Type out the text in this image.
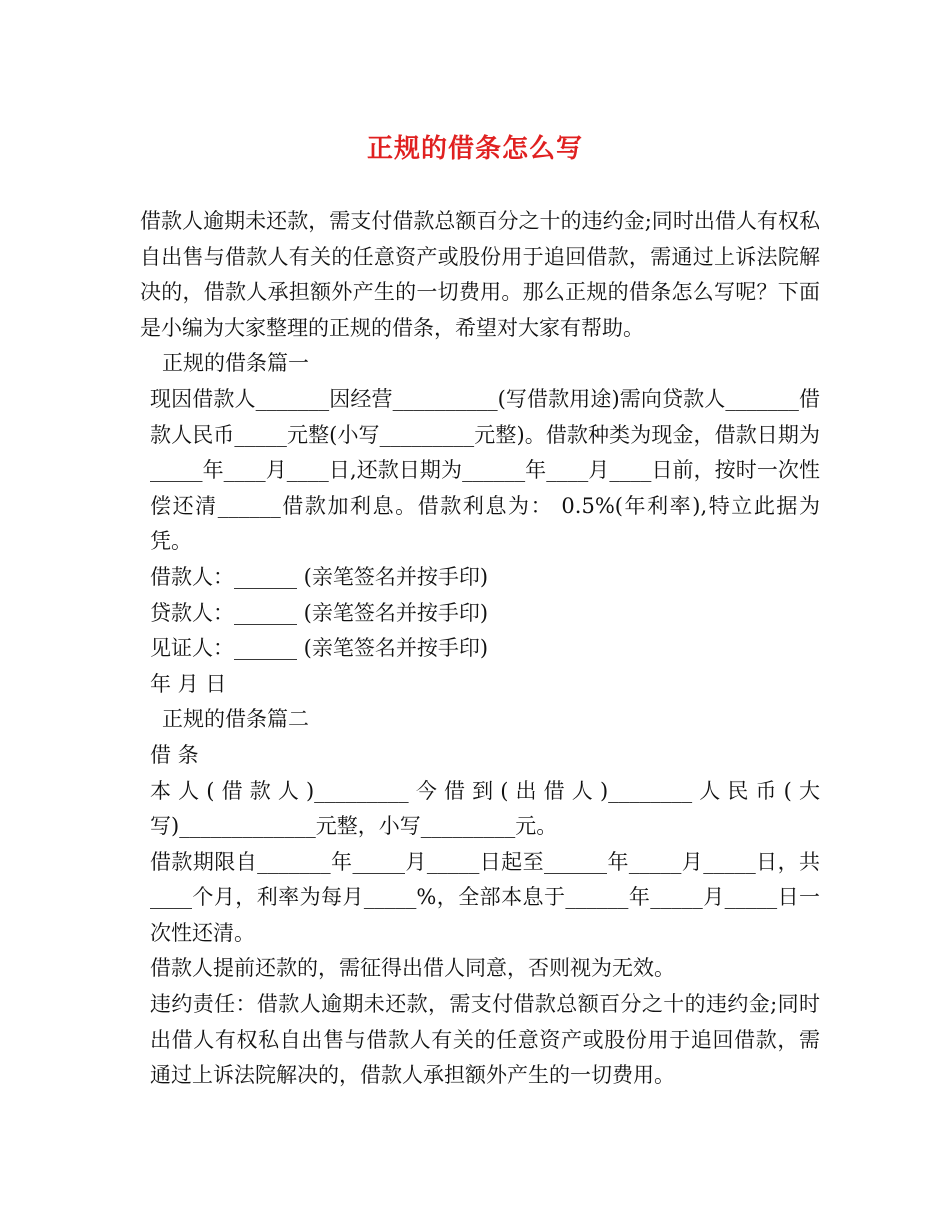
正规的借条怎么写

借款人逾期未还款，需支付借款总额百分之十的违约金;同时出借人有权私自出售与借款人有关的任意资产或股份用于追回借款，需通过上诉法院解决的，借款人承担额外产生的一切费用。那么正规的借条怎么写呢？下面是小编为大家整理的正规的借条，希望对大家有帮助。

正规的借条篇一

现因借款人_______因经营__________(写借款用途)需向贷款人_______借款人民币_____元整(小写_________元整)。借款种类为现金，借款日期为_____年____月____日,还款日期为______年____月____日前，按时一次性偿还清______借款加利息。借款利息为： 0.5%(年利率),特立此据为凭。

借款人：______ (亲笔签名并按手印)

贷款人：______ (亲笔签名并按手印)

见证人：______ (亲笔签名并按手印)

年 月 日

正规的借条篇二

借 条

本人(借款人)_________今借到(出借人)________人民币(大写)_____________元整，小写_________元。

借款期限自_______年_____月_____日起至______年_____月_____日，共____个月，利率为每月_____%，全部本息于______年_____月_____日一次性还清。

借款人提前还款的，需征得出借人同意，否则视为无效。

违约责任：借款人逾期未还款，需支付借款总额百分之十的违约金;同时出借人有权私自出售与借款人有关的任意资产或股份用于追回借款，需通过上诉法院解决的，借款人承担额外产生的一切费用。
